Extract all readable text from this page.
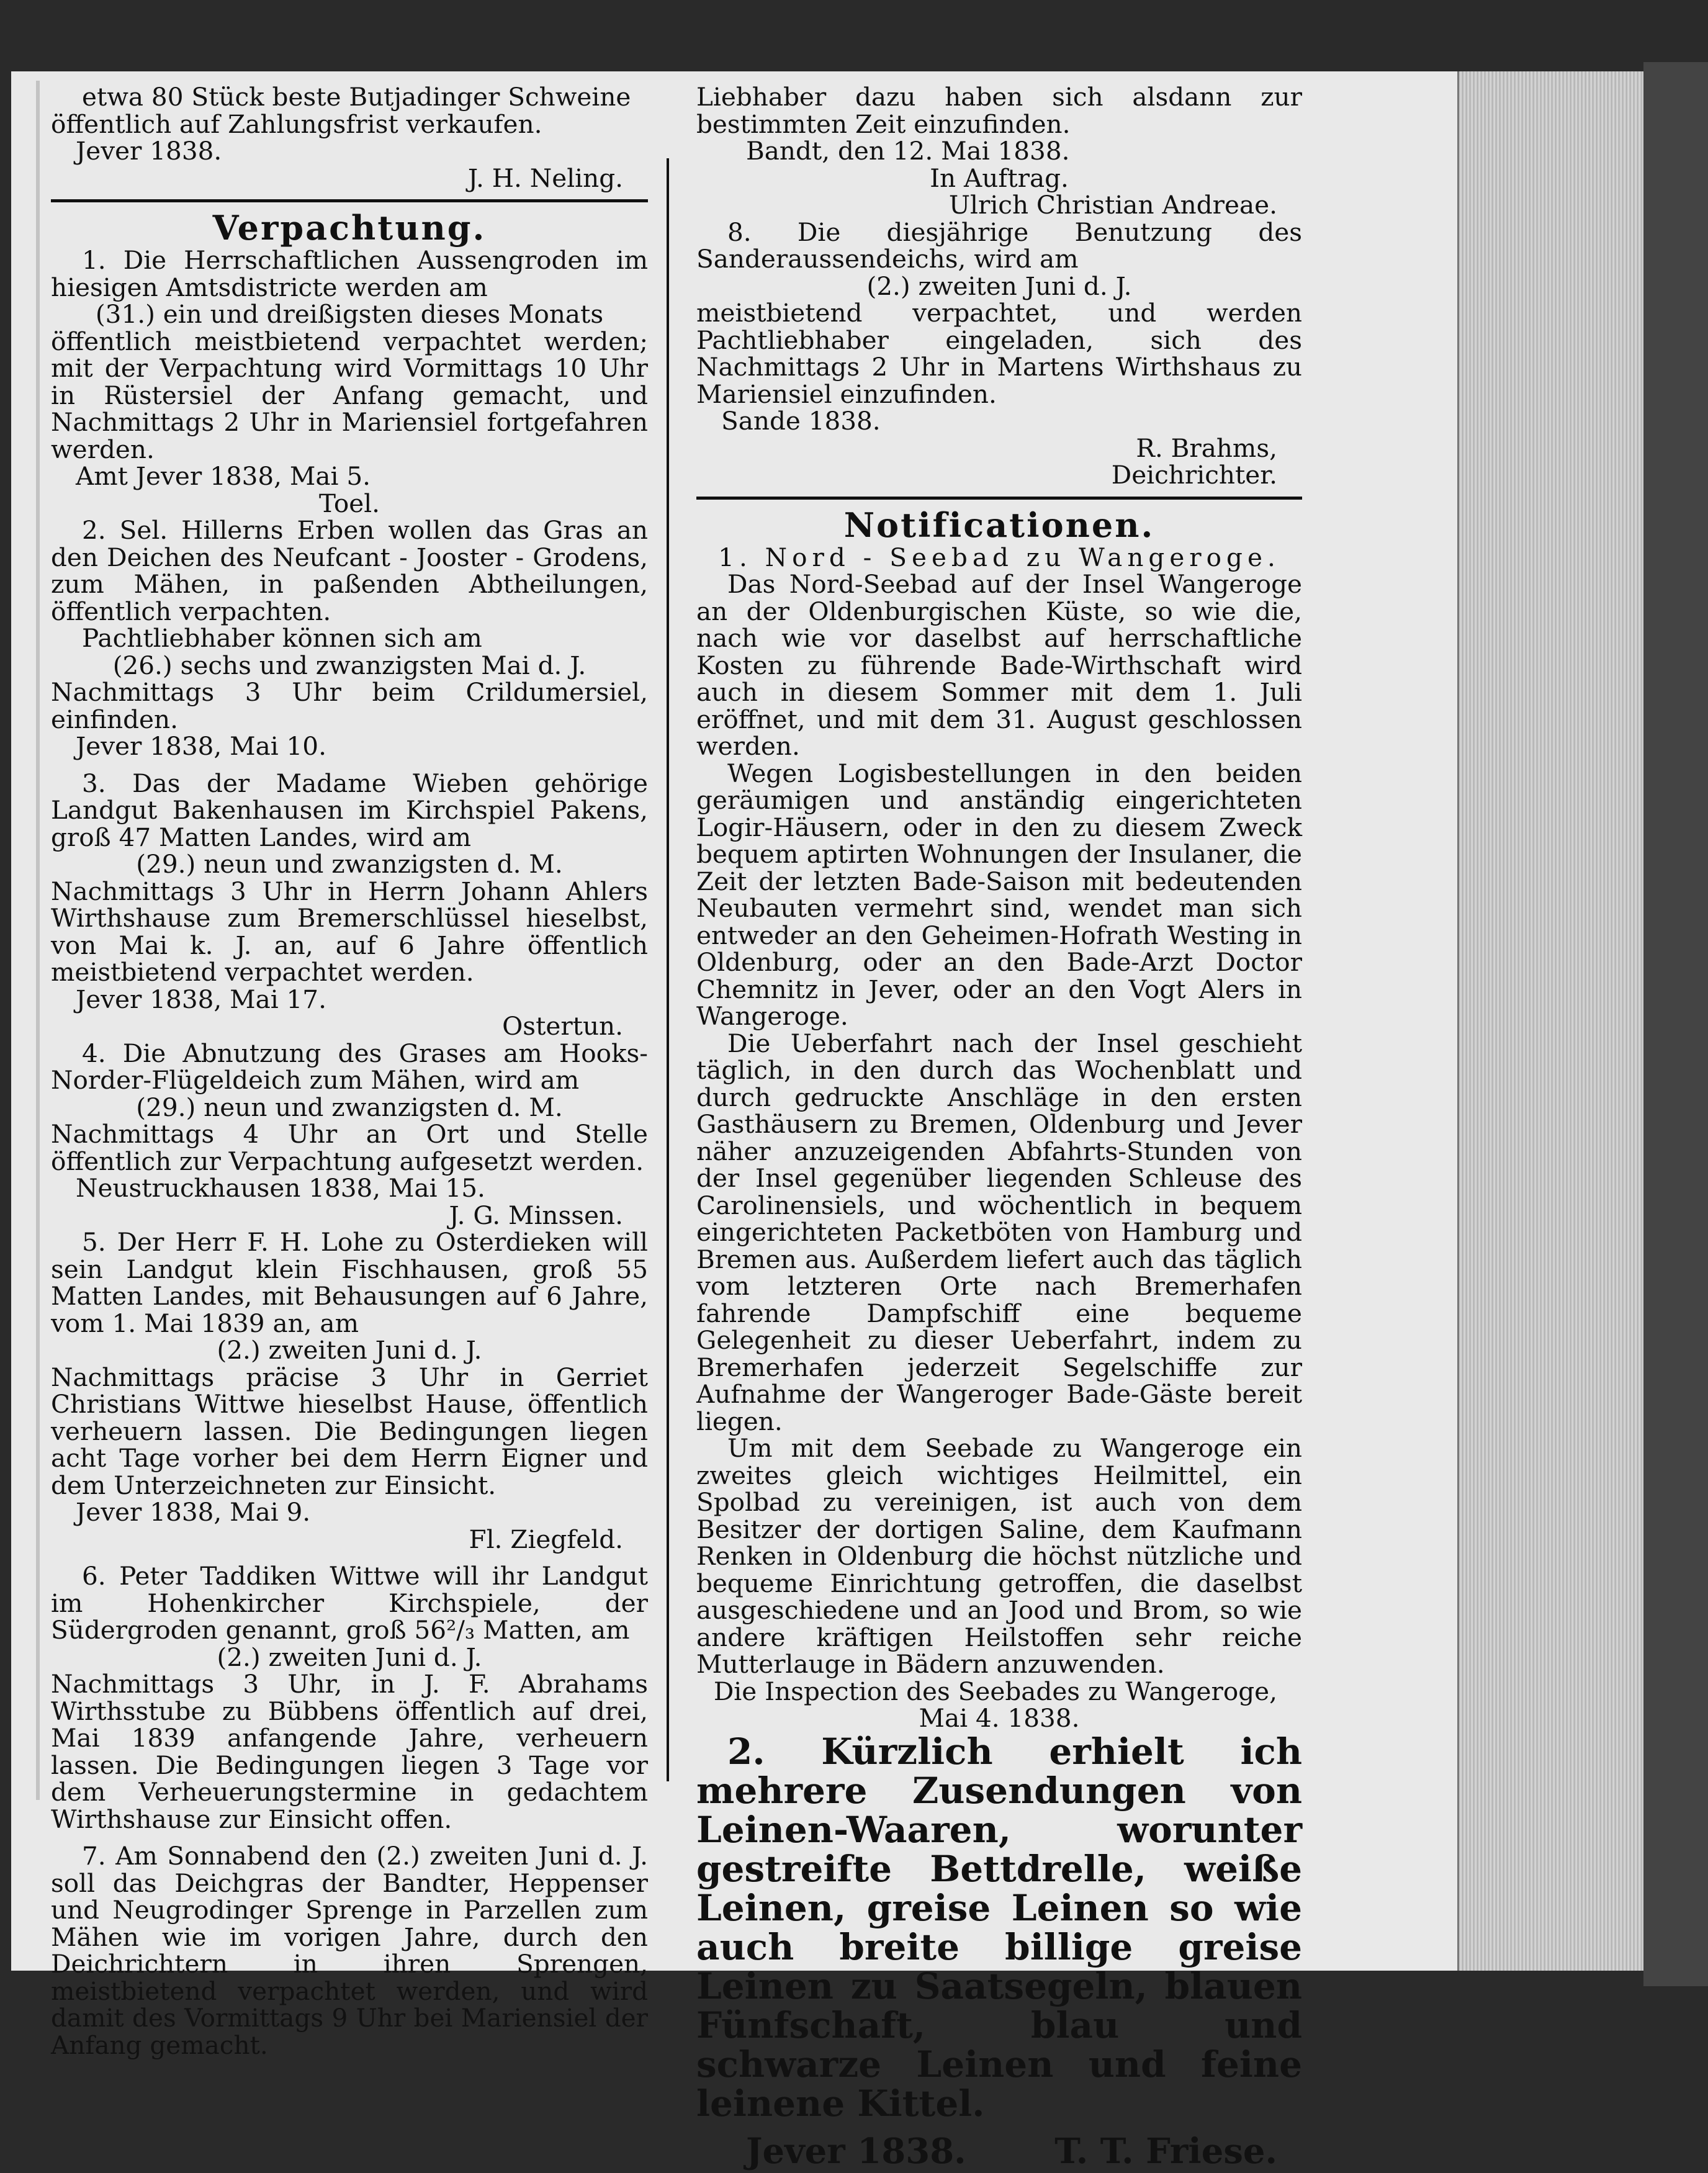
etwa 80 Stück beste Butjadinger Schweine

öffentlich auf Zahlungsfrist verkaufen.

Jever 1838.

J. H. Neling.

Verpachtung.

1. Die Herrschaftlichen Aussengroden im hiesigen Amtsdistricte werden am

(31.) ein und dreißigsten dieses Monats

öffentlich meistbietend verpachtet werden; mit der Verpachtung wird Vormittags 10 Uhr in Rüstersiel der Anfang gemacht, und Nachmittags 2 Uhr in Mariensiel fortgefahren werden.

Amt Jever 1838, Mai 5.

Toel.

2. Sel. Hillerns Erben wollen das Gras an den Deichen des Neufcant - Jooster - Grodens, zum Mähen, in paßenden Abtheilungen, öffentlich verpachten.

Pachtliebhaber können sich am

(26.) sechs und zwanzigsten Mai d. J.

Nachmittags 3 Uhr beim Crildumersiel, einfinden.

Jever 1838, Mai 10.

3. Das der Madame Wieben gehörige Landgut Bakenhausen im Kirchspiel Pakens, groß 47 Matten Landes, wird am

(29.) neun und zwanzigsten d. M.

Nachmittags 3 Uhr in Herrn Johann Ahlers Wirthshause zum Bremerschlüssel hieselbst, von Mai k. J. an, auf 6 Jahre öffentlich meistbietend verpachtet werden.

Jever 1838, Mai 17.

Ostertun.

4. Die Abnutzung des Grases am Hooks-Norder-Flügeldeich zum Mähen, wird am

(29.) neun und zwanzigsten d. M.

Nachmittags 4 Uhr an Ort und Stelle öffentlich zur Verpachtung aufgesetzt werden.

Neustruckhausen 1838, Mai 15.

J. G. Minssen.

5. Der Herr F. H. Lohe zu Osterdieken will sein Landgut klein Fischhausen, groß 55 Matten Landes, mit Behausungen auf 6 Jahre, vom 1. Mai 1839 an, am

(2.) zweiten Juni d. J.

Nachmittags präcise 3 Uhr in Gerriet Christians Wittwe hieselbst Hause, öffentlich verheuern lassen. Die Bedingungen liegen acht Tage vorher bei dem Herrn Eigner und dem Unterzeichneten zur Einsicht.

Jever 1838, Mai 9.

Fl. Ziegfeld.

6. Peter Taddiken Wittwe will ihr Landgut im Hohenkircher Kirchspiele, der Südergroden genannt, groß 56²/₃ Matten, am

(2.) zweiten Juni d. J.

Nachmittags 3 Uhr, in J. F. Abrahams Wirthsstube zu Bübbens öffentlich auf drei, Mai 1839 anfangende Jahre, verheuern lassen. Die Bedingungen liegen 3 Tage vor dem Verheuerungstermine in gedachtem Wirthshause zur Einsicht offen.

7. Am Sonnabend den (2.) zweiten Juni d. J. soll das Deichgras der Bandter, Heppenser und Neugrodinger Sprenge in Parzellen zum Mähen wie im vorigen Jahre, durch den Deichrichtern in ihren Sprengen, meistbietend verpachtet werden, und wird damit des Vormittags 9 Uhr bei Mariensiel der Anfang gemacht.

Liebhaber dazu haben sich alsdann zur bestimmten Zeit einzufinden.

Bandt, den 12. Mai 1838.

In Auftrag.

Ulrich Christian Andreae.

8. Die diesjährige Benutzung des Sanderaussendeichs, wird am

(2.) zweiten Juni d. J.

meistbietend verpachtet, und werden Pachtliebhaber eingeladen, sich des Nachmittags 2 Uhr in Martens Wirthshaus zu Mariensiel einzufinden.

Sande 1838.

R. Brahms,

Deichrichter.

Notificationen.

1. Nord - Seebad zu Wangeroge.

Das Nord-Seebad auf der Insel Wangeroge an der Oldenburgischen Küste, so wie die, nach wie vor daselbst auf herrschaftliche Kosten zu führende Bade-Wirthschaft wird auch in diesem Sommer mit dem 1. Juli eröffnet, und mit dem 31. August geschlossen werden.

Wegen Logisbestellungen in den beiden geräumigen und anständig eingerichteten Logir-Häusern, oder in den zu diesem Zweck bequem aptirten Wohnungen der Insulaner, die Zeit der letzten Bade-Saison mit bedeutenden Neubauten vermehrt sind, wendet man sich entweder an den Geheimen-Hofrath Westing in Oldenburg, oder an den Bade-Arzt Doctor Chemnitz in Jever, oder an den Vogt Alers in Wangeroge.

Die Ueberfahrt nach der Insel geschieht täglich, in den durch das Wochenblatt und durch gedruckte Anschläge in den ersten Gasthäusern zu Bremen, Oldenburg und Jever näher anzuzeigenden Abfahrts-Stunden von der Insel gegenüber liegenden Schleuse des Carolinensiels, und wöchentlich in bequem eingerichteten Packetböten von Hamburg und Bremen aus. Außerdem liefert auch das täglich vom letzteren Orte nach Bremerhafen fahrende Dampfschiff eine bequeme Gelegenheit zu dieser Ueberfahrt, indem zu Bremerhafen jederzeit Segelschiffe zur Aufnahme der Wangeroger Bade-Gäste bereit liegen.

Um mit dem Seebade zu Wangeroge ein zweites gleich wichtiges Heilmittel, ein Spolbad zu vereinigen, ist auch von dem Besitzer der dortigen Saline, dem Kaufmann Renken in Oldenburg die höchst nützliche und bequeme Einrichtung getroffen, die daselbst ausgeschiedene und an Jood und Brom, so wie andere kräftigen Heilstoffen sehr reiche Mutterlauge in Bädern anzuwenden.

Die Inspection des Seebades zu Wangeroge,

Mai 4. 1838.

2. Kürzlich erhielt ich mehrere Zusendungen von Leinen-Waaren, worunter gestreifte Bettdrelle, weiße Leinen, greise Leinen so wie auch breite billige greise Leinen zu Saatsegeln, blauen Fünfschaft, blau und schwarze Leinen und feine leinene Kittel.

Jever 1838.	T. T. Friese.
